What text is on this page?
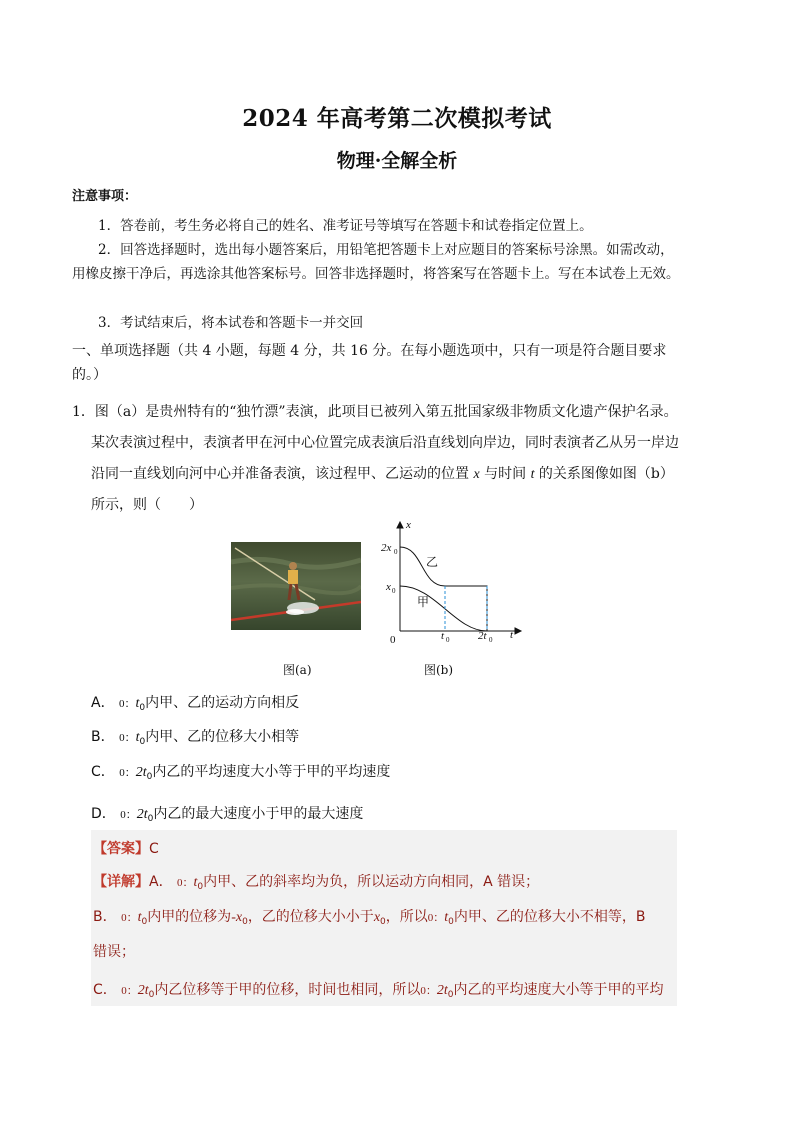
2024 年高考第二次模拟考试
物理·全解全析
注意事项：
1．答卷前，考生务必将自己的姓名、准考证号等填写在答题卡和试卷指定位置上。
2．回答选择题时，选出每小题答案后，用铅笔把答题卡上对应题目的答案标号涂黑。如需改动，用橡皮擦干净后，再选涂其他答案标号。回答非选择题时，将答案写在答题卡上。写在本试卷上无效。
3．考试结束后，将本试卷和答题卡一并交回
一、单项选择题（共 4 小题，每题 4 分，共 16 分。在每小题选项中，只有一项是符合题目要求的。）
1．图（a）是贵州特有的“独竹漂”表演，此项目已被列入第五批国家级非物质文化遗产保护名录。
某次表演过程中，表演者甲在河中心位置完成表演后沿直线划向岸边，同时表演者乙从另一岸边
沿同一直线划向河中心并准备表演，该过程甲、乙运动的位置 x 与时间 t 的关系图像如图（b）
所示，则（　　）
图(a)
x
t
0
2x 0
x 0
t 0	2t 0
乙
甲
图(b)
A． 0：$t_0$内甲、乙的运动方向相反
B． 0：$t_0$内甲、乙的位移大小相等
C． 0：$2t_0$内乙的平均速度大小等于甲的平均速度
D． 0：$2t_0$内乙的最大速度小于甲的最大速度
【答案】C
【详解】A． 0：$t_0$内甲、乙的斜率均为负，所以运动方向相同，A 错误；
B． 0：$t_0$内甲的位移为$-x_0$，乙的位移大小小于$x_0$，所以0：$t_0$内甲、乙的位移大小不相等，B
错误；
C． 0：$2t_0$内乙位移等于甲的位移，时间也相同，所以0：$2t_0$内乙的平均速度大小等于甲的平均
